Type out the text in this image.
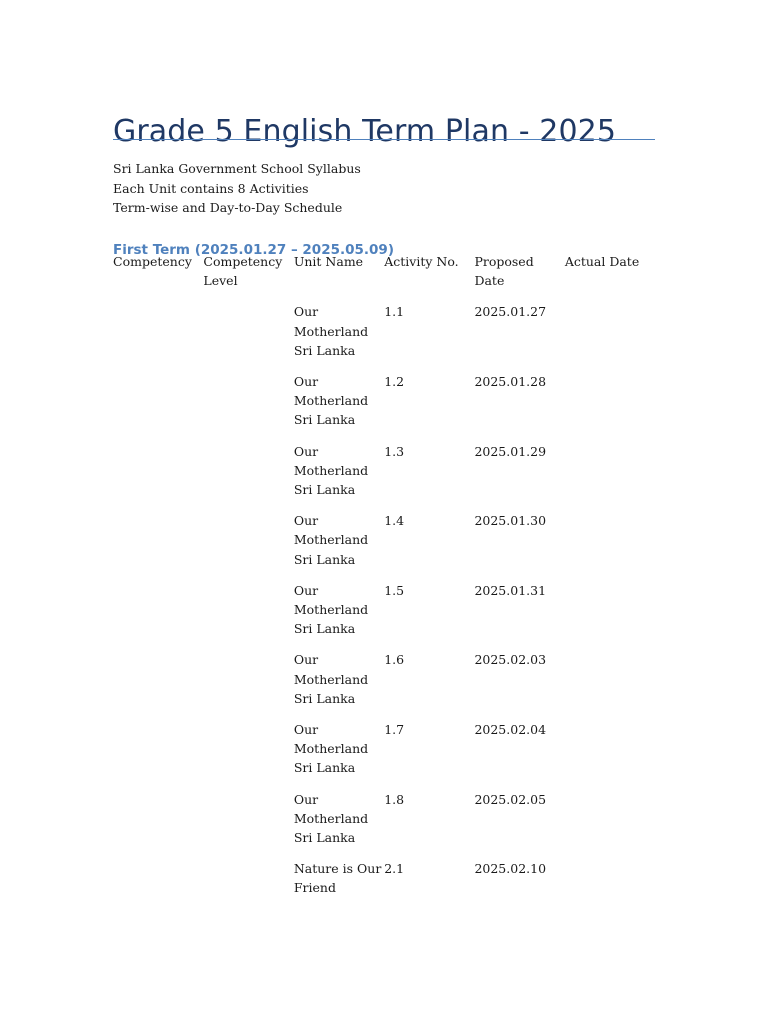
Grade 5 English Term Plan - 2025
Sri Lanka Government School Syllabus
Each Unit contains 8 Activities
Term-wise and Day-to-Day Schedule
First Term (2025.01.27 – 2025.05.09)
Competency	Competency Level	Unit Name	Activity No.	Proposed Date	Actual Date
		Our Motherland Sri Lanka	1.1	2025.01.27	
		Our Motherland Sri Lanka	1.2	2025.01.28	
		Our Motherland Sri Lanka	1.3	2025.01.29	
		Our Motherland Sri Lanka	1.4	2025.01.30	
		Our Motherland Sri Lanka	1.5	2025.01.31	
		Our Motherland Sri Lanka	1.6	2025.02.03	
		Our Motherland Sri Lanka	1.7	2025.02.04	
		Our Motherland Sri Lanka	1.8	2025.02.05	
		Nature is Our Friend	2.1	2025.02.10	
